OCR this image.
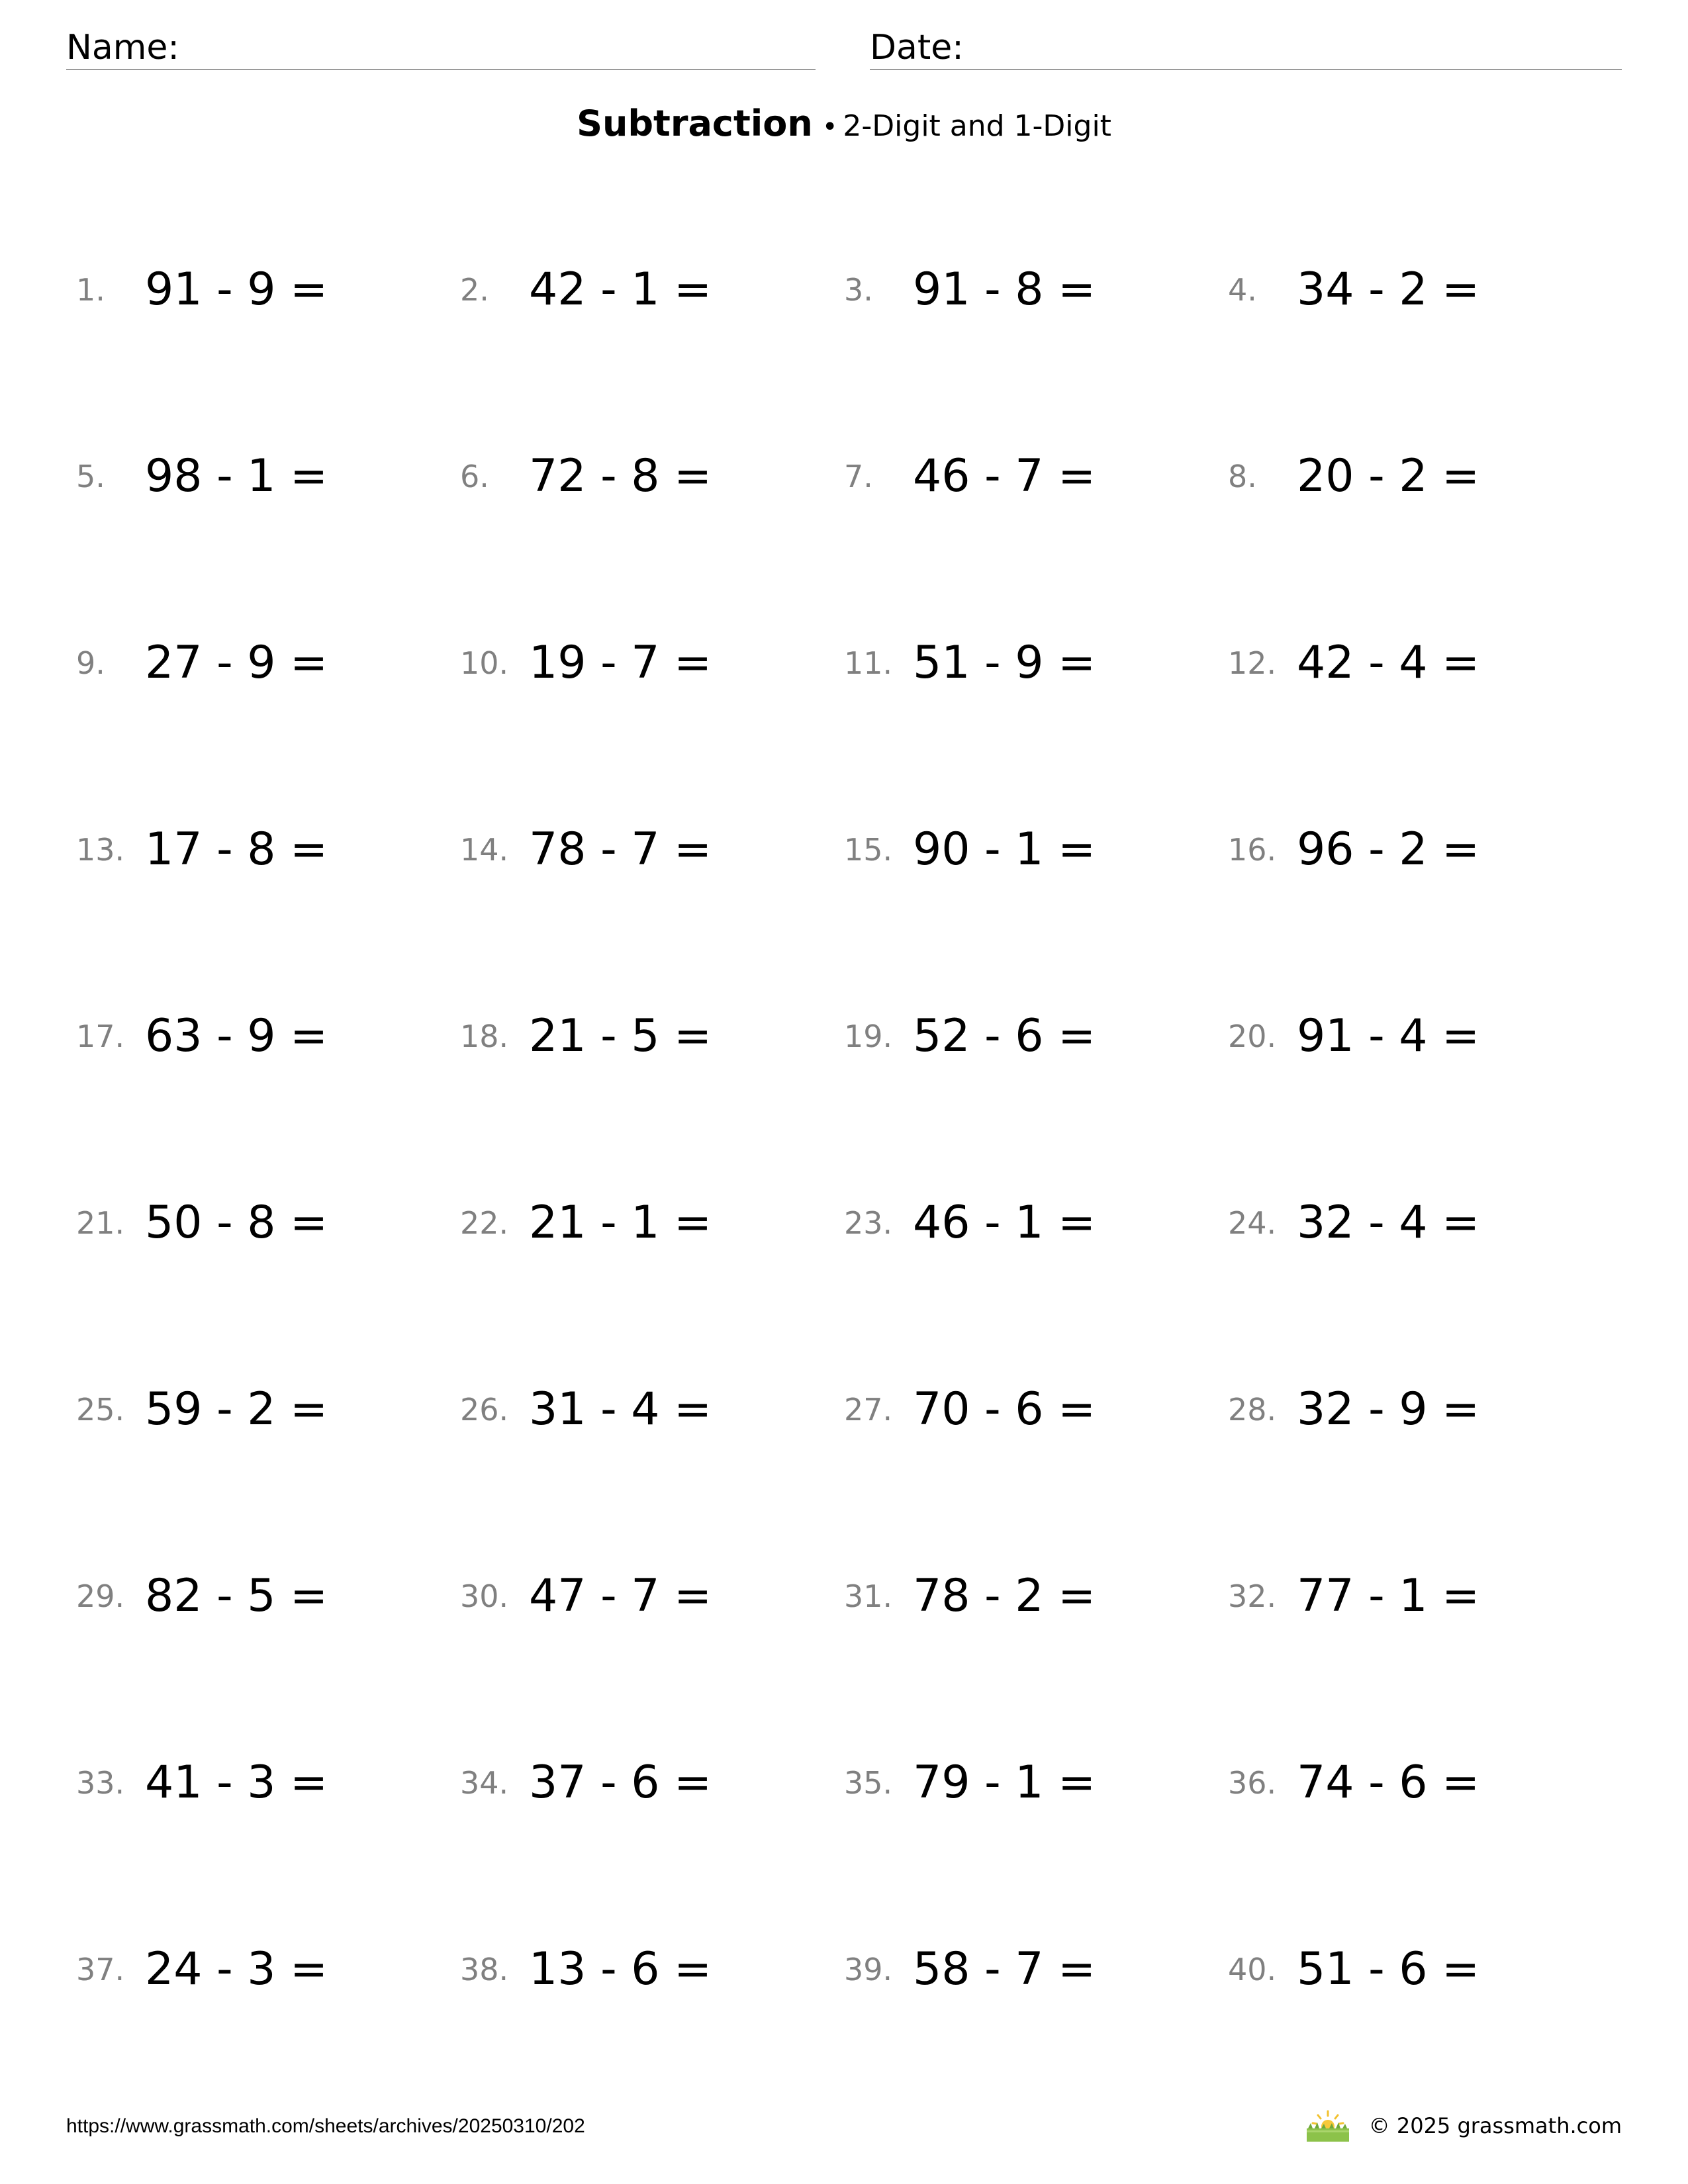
Name:	Date:
Subtraction • 2-Digit and 1-Digit
1. 91 - 9 =	2. 42 - 1 =	3. 91 - 8 =	4. 34 - 2 =
5. 98 - 1 =	6. 72 - 8 =	7. 46 - 7 =	8. 20 - 2 =
9. 27 - 9 =	10. 19 - 7 =	11. 51 - 9 =	12. 42 - 4 =
13. 17 - 8 =	14. 78 - 7 =	15. 90 - 1 =	16. 96 - 2 =
17. 63 - 9 =	18. 21 - 5 =	19. 52 - 6 =	20. 91 - 4 =
21. 50 - 8 =	22. 21 - 1 =	23. 46 - 1 =	24. 32 - 4 =
25. 59 - 2 =	26. 31 - 4 =	27. 70 - 6 =	28. 32 - 9 =
29. 82 - 5 =	30. 47 - 7 =	31. 78 - 2 =	32. 77 - 1 =
33. 41 - 3 =	34. 37 - 6 =	35. 79 - 1 =	36. 74 - 6 =
37. 24 - 3 =	38. 13 - 6 =	39. 58 - 7 =	40. 51 - 6 =
https://www.grassmath.com/sheets/archives/20250310/202	© 2025 grassmath.com
